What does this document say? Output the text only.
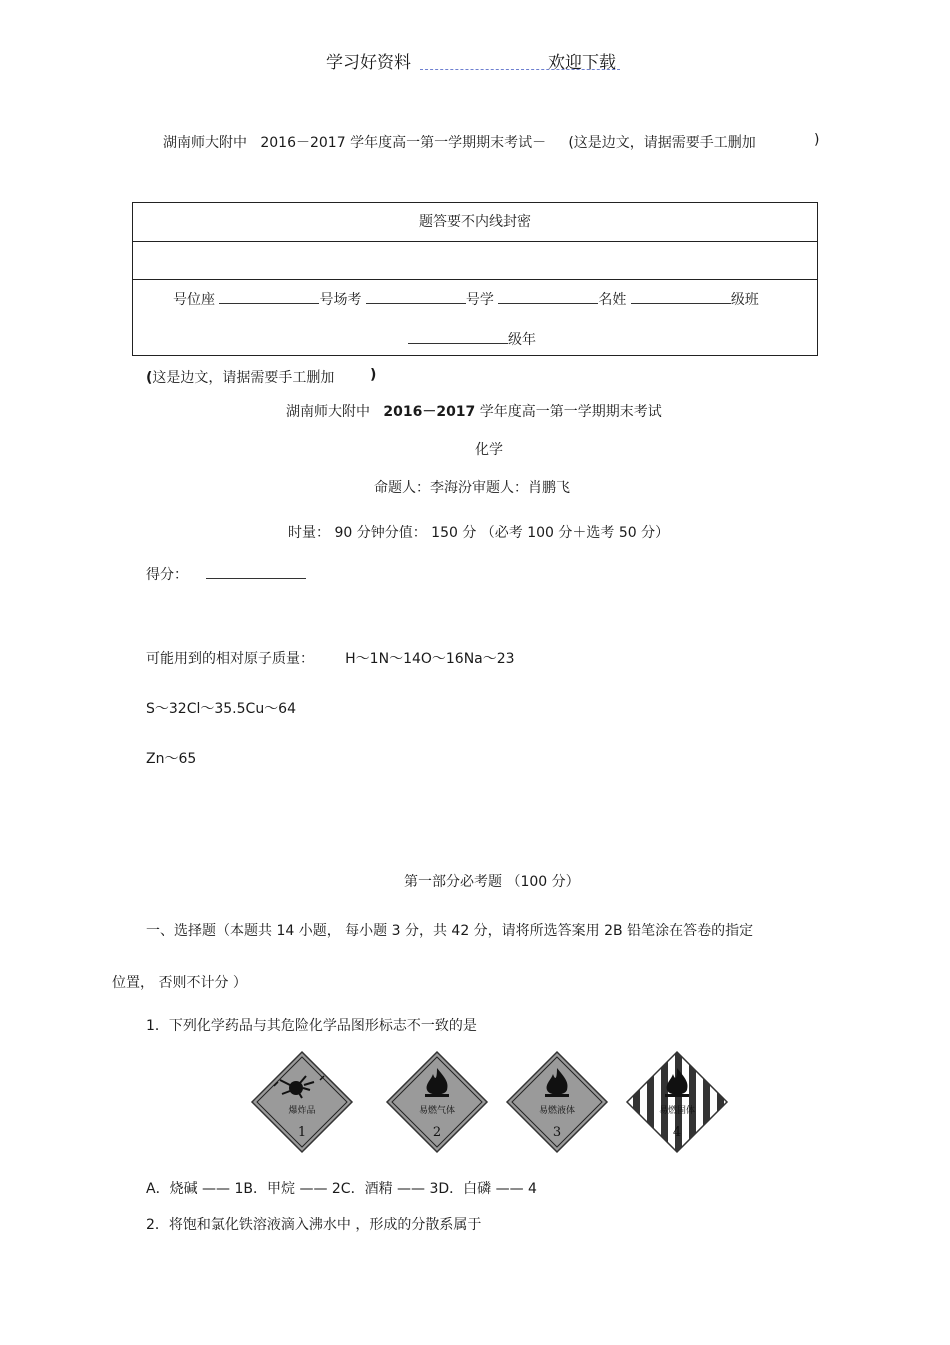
学习好资料	欢迎下载
湖南师大附中 2016－2017 学年度高一第一学期期末考试－ (这是边文，请据需要手工删加	)
题答要不内线封密
号位座	号场考	号学	名姓	级班
级年
(这是边文，请据需要手工删加	)
湖南师大附中 2016－2017 学年度高一第一学期期末考试
化学
命题人：李海汾审题人：肖鹏飞
时量： 90 分钟分值： 150 分 （必考 100 分＋选考 50 分）
得分：
可能用到的相对原子质量： H～1N～14O～16Na～23
S～32Cl～35.5Cu～64
Zn～65
第一部分必考题 （100 分）
一、选择题（本题共 14 小题， 每小题 3 分，共 42 分，请将所选答案用 2B 铅笔涂在答卷的指定
位置， 否则不计分 ）
1．下列化学药品与其危险化学品图形标志不一致的是
爆炸品
1
易燃气体
2
易燃液体
3
易燃固体
4
A．烧碱 —— 1B．甲烷 —— 2C．酒精 —— 3D．白磷 —— 4
2．将饱和氯化铁溶液滴入沸水中 ，形成的分散系属于
